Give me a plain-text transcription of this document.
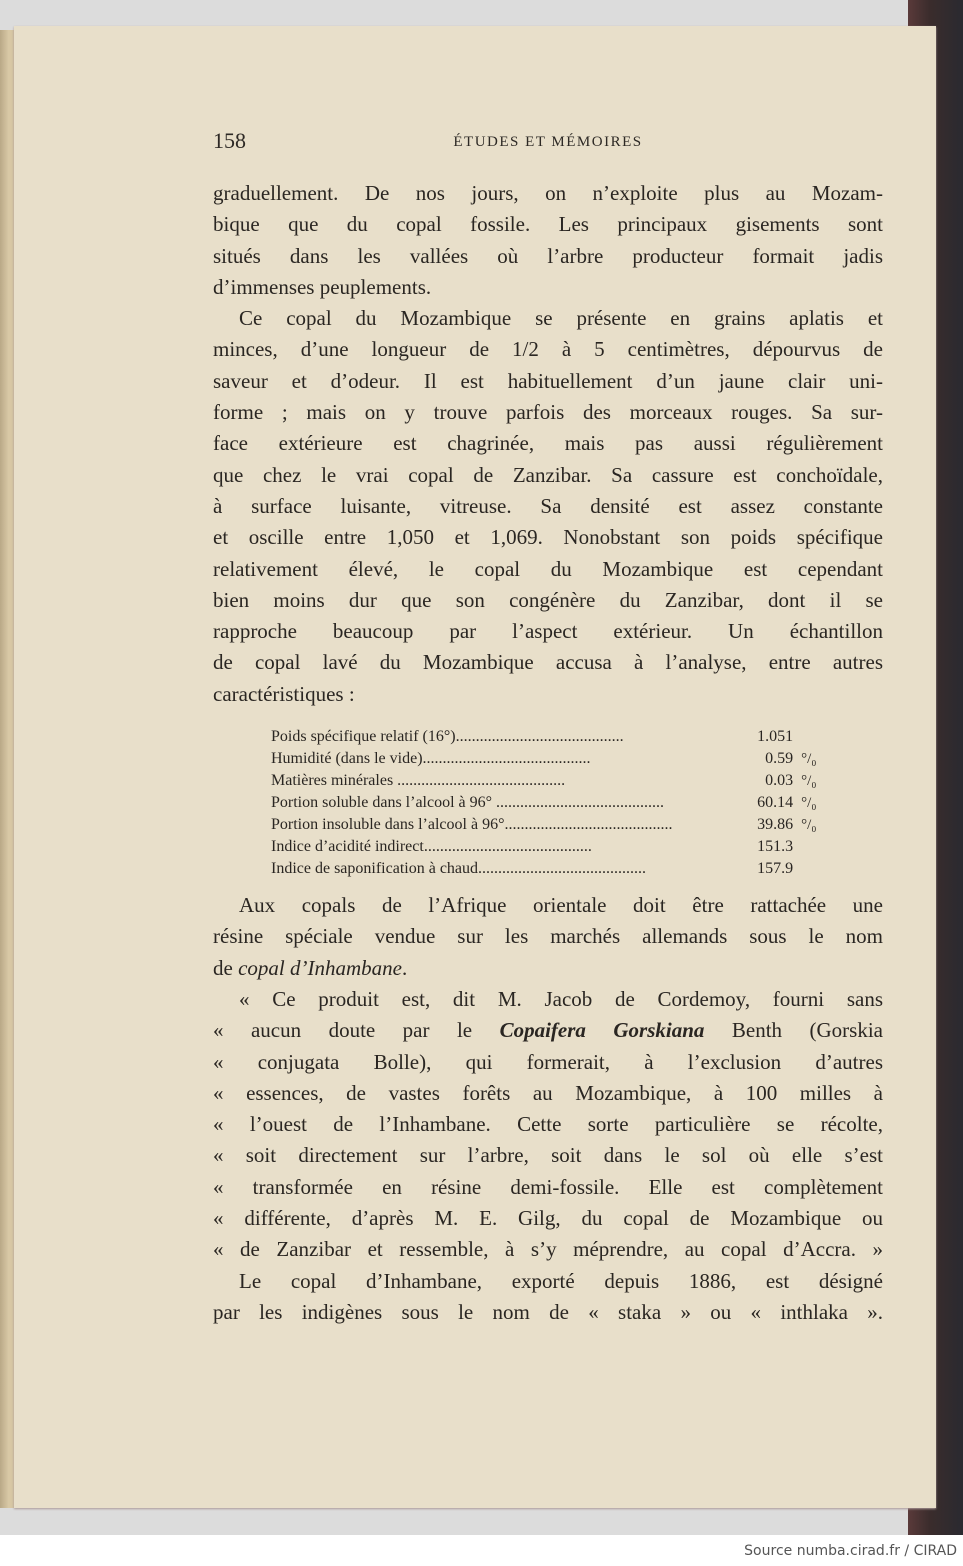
158	ÉTUDES ET MÉMOIRES
graduellement. De nos jours, on n’exploite plus au Mozam-
bique que du copal fossile. Les principaux gisements sont
situés dans les vallées où l’arbre producteur formait jadis
d’immenses peuplements.
Ce copal du Mozambique se présente en grains aplatis et
minces, d’une longueur de 1/2 à 5 centimètres, dépourvus de
saveur et d’odeur. Il est habituellement d’un jaune clair uni-
forme ; mais on y trouve parfois des morceaux rouges. Sa sur-
face extérieure est chagrinée, mais pas aussi régulièrement
que chez le vrai copal de Zanzibar. Sa cassure est conchoïdale,
à surface luisante, vitreuse. Sa densité est assez constante
et oscille entre 1,050 et 1,069. Nonobstant son poids spécifique
relativement élevé, le copal du Mozambique est cependant
bien moins dur que son congénère du Zanzibar, dont il se
rapproche beaucoup par l’aspect extérieur. Un échantillon
de copal lavé du Mozambique accusa à l’analyse, entre autres
caractéristiques :
Poids spécifique relatif (16°)..........................................	1.051
Humidité (dans le vide)..........................................	0.59 °/₀
Matières minérales ..........................................	0.03 °/₀
Portion soluble dans l’alcool à 96° ..........................................	60.14 °/₀
Portion insoluble dans l’alcool à 96°..........................................	39.86 °/₀
Indice d’acidité indirect..........................................	151.3
Indice de saponification à chaud..........................................	157.9
Aux copals de l’Afrique orientale doit être rattachée une
résine spéciale vendue sur les marchés allemands sous le nom
de copal d’Inhambane.
« Ce produit est, dit M. Jacob de Cordemoy, fourni sans
« aucun doute par le Copaifera Gorskiana Benth (Gorskia
« conjugata Bolle), qui formerait, à l’exclusion d’autres
« essences, de vastes forêts au Mozambique, à 100 milles à
« l’ouest de l’Inhambane. Cette sorte particulière se récolte,
« soit directement sur l’arbre, soit dans le sol où elle s’est
« transformée en résine demi-fossile. Elle est complètement
« différente, d’après M. E. Gilg, du copal de Mozambique ou
« de Zanzibar et ressemble, à s’y méprendre, au copal d’Accra. »
Le copal d’Inhambane, exporté depuis 1886, est désigné
par les indigènes sous le nom de « staka » ou « inthlaka ».
Source numba.cirad.fr / CIRAD
